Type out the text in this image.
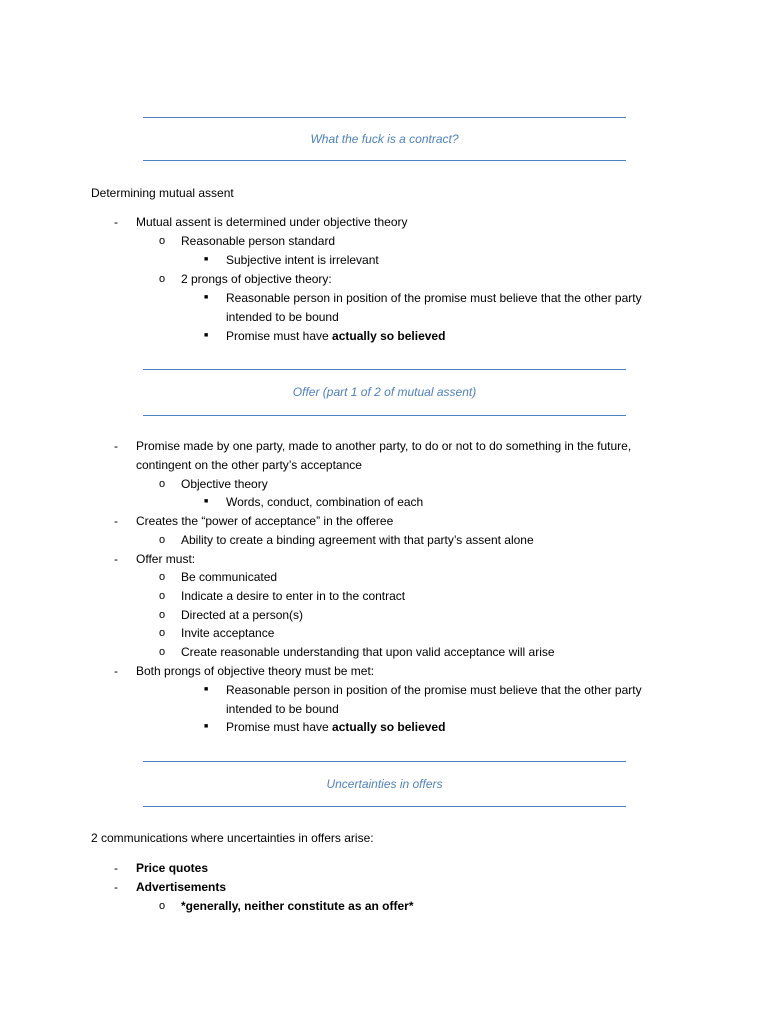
What the fuck is a contract?
Determining mutual assent
- Mutual assent is determined under objective theory
o Reasonable person standard
■ Subjective intent is irrelevant
o 2 prongs of objective theory:
■ Reasonable person in position of the promise must believe that the other party
intended to be bound
■ Promise must have actually so believed
Offer (part 1 of 2 of mutual assent)
- Promise made by one party, made to another party, to do or not to do something in the future,
contingent on the other party’s acceptance
o Objective theory
■ Words, conduct, combination of each
- Creates the “power of acceptance” in the offeree
o Ability to create a binding agreement with that party’s assent alone
- Offer must:
o Be communicated
o Indicate a desire to enter in to the contract
o Directed at a person(s)
o Invite acceptance
o Create reasonable understanding that upon valid acceptance will arise
- Both prongs of objective theory must be met:
■ Reasonable person in position of the promise must believe that the other party
intended to be bound
■ Promise must have actually so believed
Uncertainties in offers
2 communications where uncertainties in offers arise:
- Price quotes
- Advertisements
o *generally, neither constitute as an offer*
